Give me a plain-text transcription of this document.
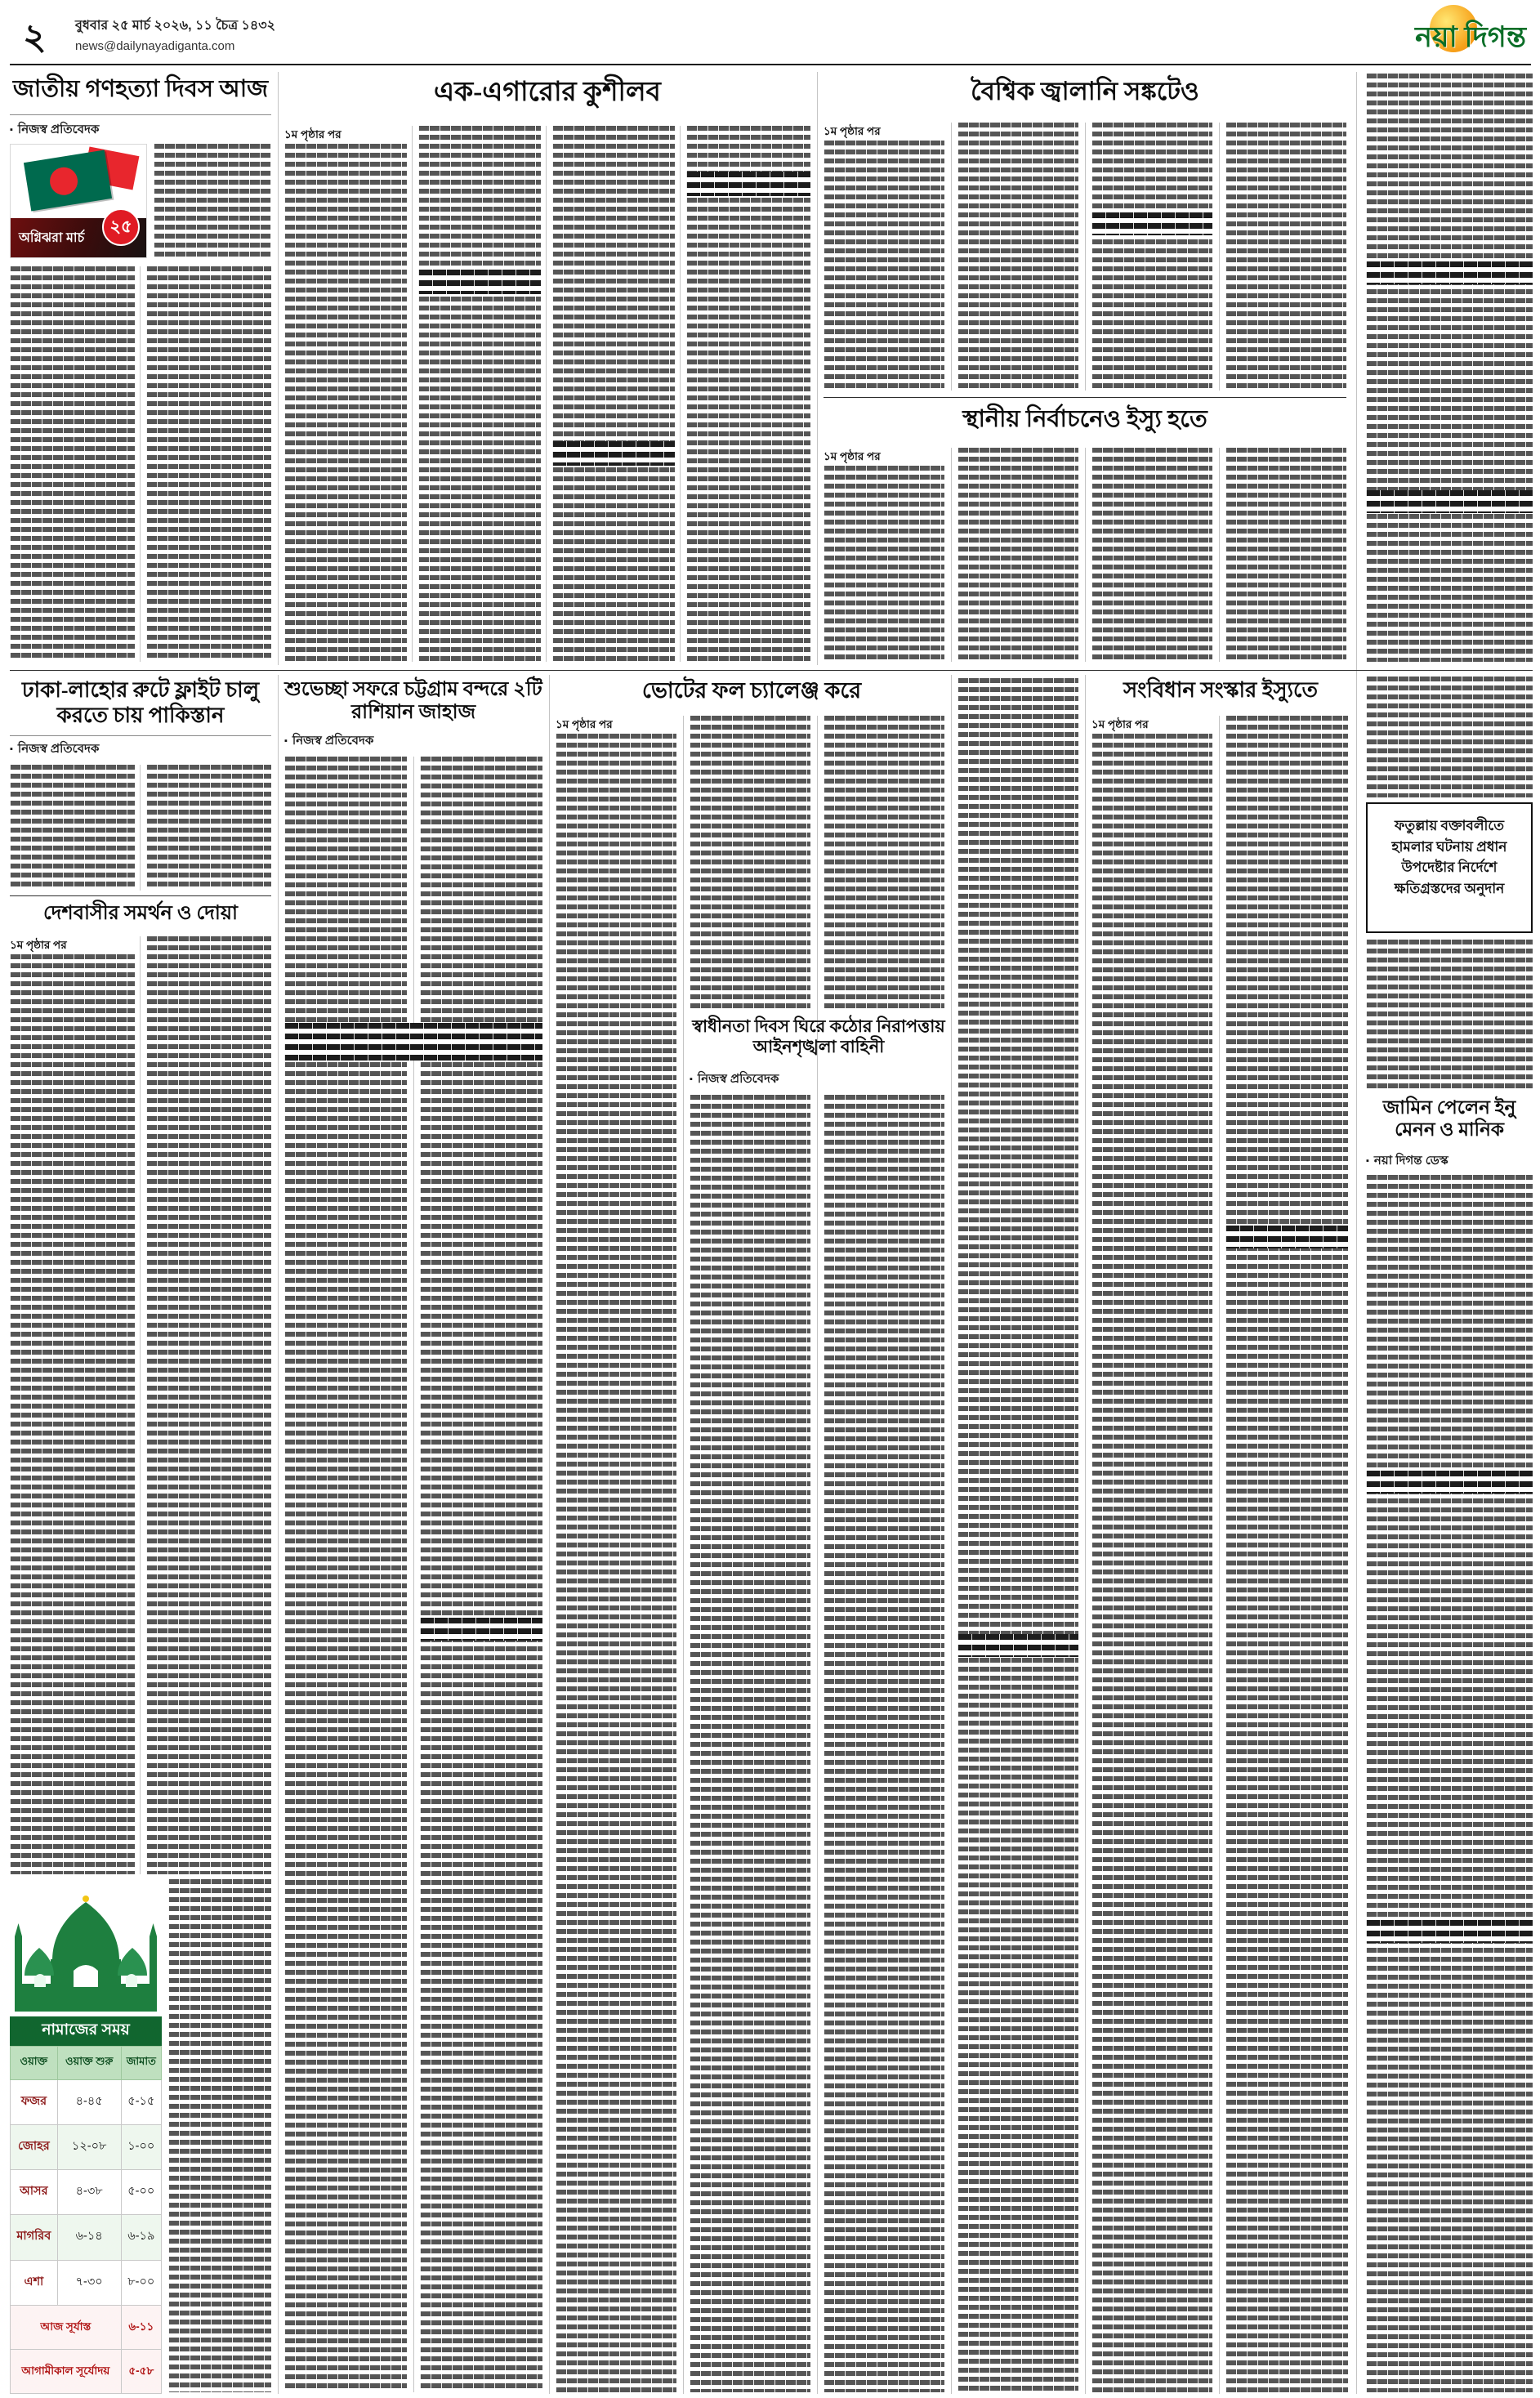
২	বুধবার ২৫ মার্চ ২০২৬, ১১ চৈত্র ১৪৩২
news@dailynayadiganta.com	নয়া দিগন্ত
জাতীয় গণহত্যা দিবস আজ
▪ নিজস্ব প্রতিবেদক
অগ্নিঝরা মার্চ
২৫
এক-এগারোর কুশীলব
১ম পৃষ্ঠার পর
বৈশ্বিক জ্বালানি সঙ্কটেও
১ম পৃষ্ঠার পর
স্থানীয় নির্বাচনেও ইস্যু হতে
১ম পৃষ্ঠার পর
ঢাকা-লাহোর রুটে ফ্লাইট চালু করতে চায় পাকিস্তান
▪ নিজস্ব প্রতিবেদক
দেশবাসীর সমর্থন ও দোয়া
১ম পৃষ্ঠার পর
নামাজের সময়
ওয়াক্ত	ওয়াক্ত শুরু	জামাত
ফজর	৪-৪৫	৫-১৫
জোহর	১২-০৮	১-০০
আসর	৪-৩৮	৫-০০
মাগরিব	৬-১৪	৬-১৯
এশা	৭-৩০	৮-০০
আজ সূর্যাস্ত		৬-১১
আগামীকাল সূর্যোদয়		৫-৫৮
শুভেচ্ছা সফরে চট্টগ্রাম বন্দরে ২টি রাশিয়ান জাহাজ
▪ নিজস্ব প্রতিবেদক
ভোটের ফল চ্যালেঞ্জ করে
১ম পৃষ্ঠার পর
স্বাধীনতা দিবস ঘিরে কঠোর নিরাপত্তায় আইনশৃঙ্খলা বাহিনী
▪ নিজস্ব প্রতিবেদক
সংবিধান সংস্কার ইস্যুতে
১ম পৃষ্ঠার পর
ফতুল্লায় বক্তাবলীতে হামলার ঘটনায় প্রধান উপদেষ্টার নির্দেশে ক্ষতিগ্রস্তদের অনুদান
জামিন পেলেন ইনু মেনন ও মানিক
▪ নয়া দিগন্ত ডেস্ক
